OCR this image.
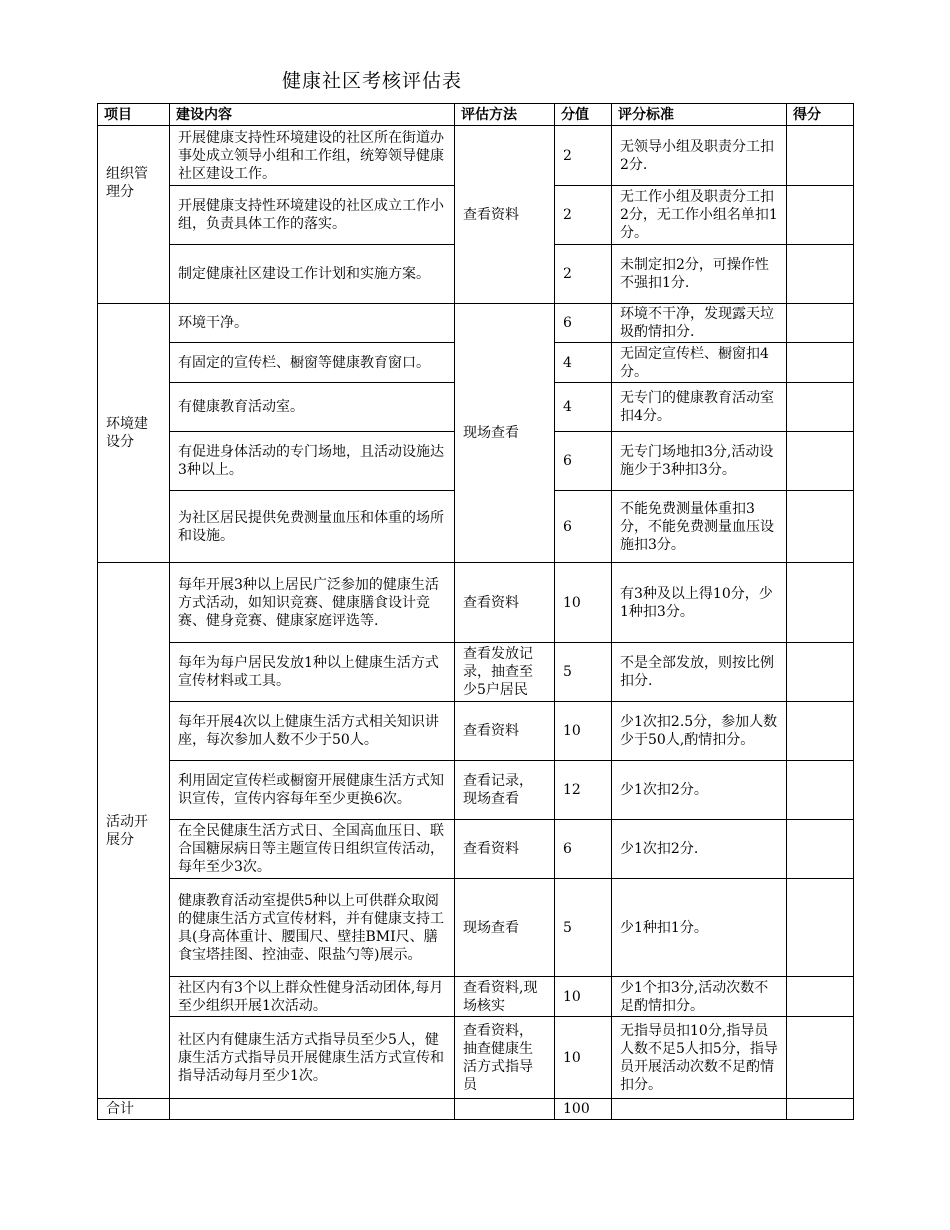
健康社区考核评估表
项目	建设内容	评估方法	分值	评分标准	得分

组织管理分	开展健康支持性环境建设的社区所在街道办事处成立领导小组和工作组，统筹领导健康社区建设工作。	查看资料	2	无领导小组及职责分工扣2分.	
	开展健康支持性环境建设的社区成立工作小组，负责具体工作的落实。		2	无工作小组及职责分工扣2分，无工作小组名单扣1分。	
	制定健康社区建设工作计划和实施方案。		2	未制定扣2分，可操作性不强扣1分.	
环境建设分	环境干净。	现场查看	6	环境不干净，发现露天垃圾酌情扣分.	
	有固定的宣传栏、橱窗等健康教育窗口。		4	无固定宣传栏、橱窗扣4分。	
	有健康教育活动室。		4	无专门的健康教育活动室扣4分。	
	有促进身体活动的专门场地，且活动设施达3种以上。		6	无专门场地扣3分,活动设施少于3种扣3分。	
	为社区居民提供免费测量血压和体重的场所和设施。		6	不能免费测量体重扣3分，不能免费测量血压设施扣3分。	
活动开展分	每年开展3种以上居民广泛参加的健康生活方式活动，如知识竞赛、健康膳食设计竞赛、健身竞赛、健康家庭评选等.	查看资料	10	有3种及以上得10分，少1种扣3分。	
	每年为每户居民发放1种以上健康生活方式宣传材料或工具。	查看发放记录，抽查至少5户居民	5	不是全部发放，则按比例扣分.	
	每年开展4次以上健康生活方式相关知识讲座，每次参加人数不少于50人。	查看资料	10	少1次扣2.5分，参加人数少于50人,酌情扣分。	
	利用固定宣传栏或橱窗开展健康生活方式知识宣传，宣传内容每年至少更换6次。	查看记录，现场查看	12	少1次扣2分。	
	在全民健康生活方式日、全国高血压日、联合国糖尿病日等主题宣传日组织宣传活动，每年至少3次。	查看资料	6	少1次扣2分.	
	健康教育活动室提供5种以上可供群众取阅的健康生活方式宣传材料，并有健康支持工具(身高体重计、腰围尺、壁挂BMI尺、膳食宝塔挂图、控油壶、限盐勺等)展示。	现场查看	5	少1种扣1分。	
	社区内有3个以上群众性健身活动团体,每月至少组织开展1次活动。	查看资料,现场核实	10	少1个扣3分,活动次数不足酌情扣分。	
	社区内有健康生活方式指导员至少5人，健康生活方式指导员开展健康生活方式宣传和指导活动每月至少1次。	查看资料，抽查健康生活方式指导员	10	无指导员扣10分,指导员人数不足5人扣5分，指导员开展活动次数不足酌情扣分。	
合计			100		
